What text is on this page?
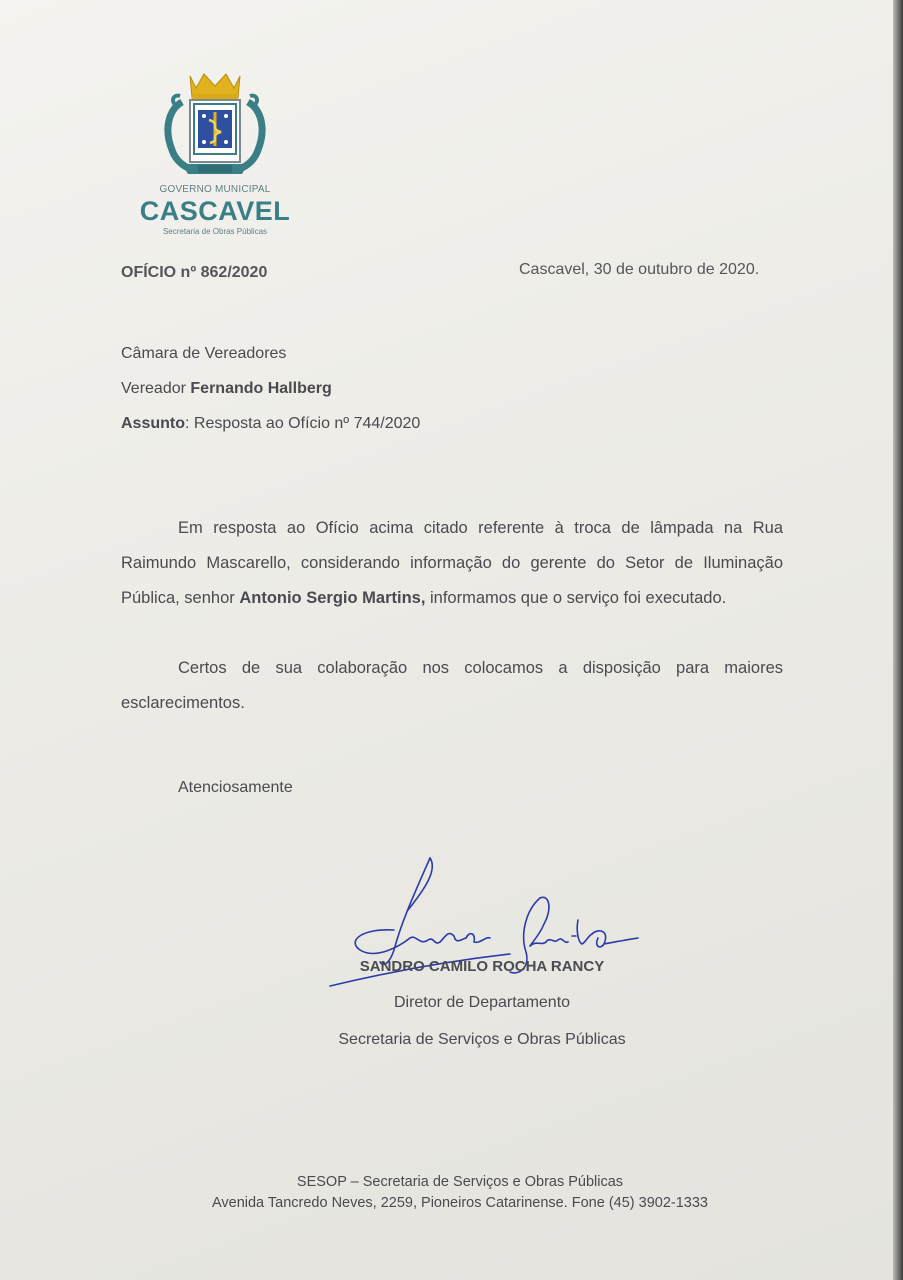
GOVERNO MUNICIPAL
CASCAVEL
Secretaria de Obras Públicas
OFÍCIO nº 862/2020	Cascavel, 30 de outubro de 2020.
Câmara de Vereadores
Vereador Fernando Hallberg
Assunto: Resposta ao Ofício nº 744/2020

Em resposta ao Ofício acima citado referente à troca de lâmpada na Rua Raimundo Mascarello, considerando informação do gerente do Setor de Iluminação Pública, senhor Antonio Sergio Martins, informamos que o serviço foi executado.

Certos de sua colaboração nos colocamos a disposição para maiores esclarecimentos.

Atenciosamente
SANDRO CAMILO ROCHA RANCY
Diretor de Departamento
Secretaria de Serviços e Obras Públicas
SESOP – Secretaria de Serviços e Obras Públicas
Avenida Tancredo Neves, 2259, Pioneiros Catarinense. Fone (45) 3902-1333
